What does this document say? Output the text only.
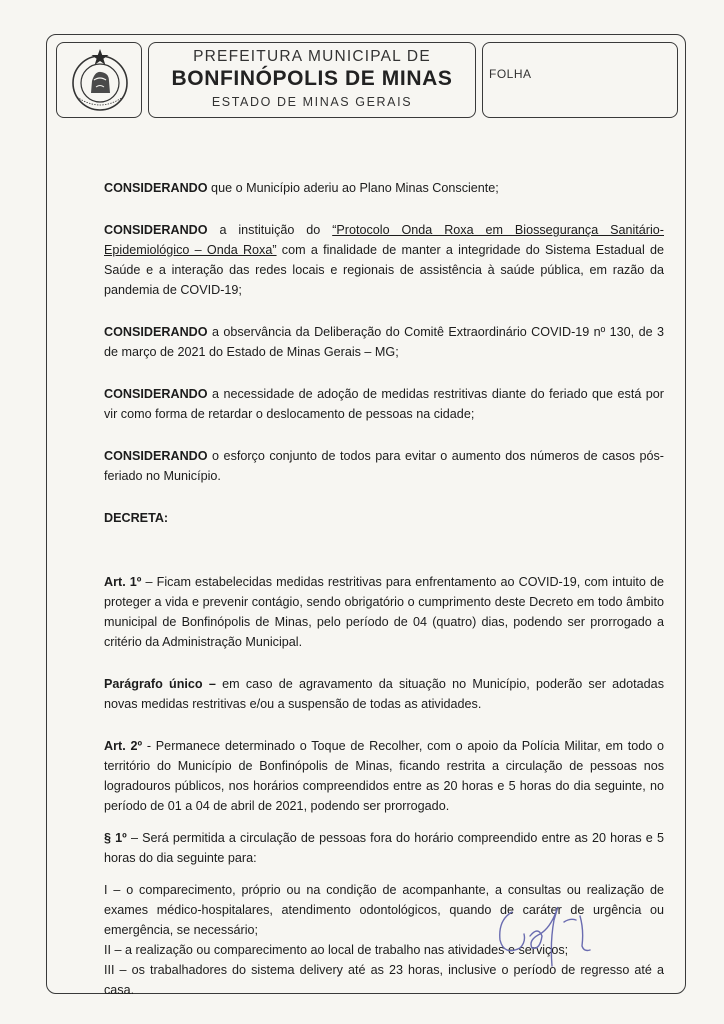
PREFEITURA MUNICIPAL DE
BONFINÓPOLIS DE MINAS
ESTADO DE MINAS GERAIS
FOLHA

CONSIDERANDO que o Município aderiu ao Plano Minas Consciente;

CONSIDERANDO a instituição do “Protocolo Onda Roxa em Biossegurança Sanitário-Epidemiológico – Onda Roxa” com a finalidade de manter a integridade do Sistema Estadual de Saúde e a interação das redes locais e regionais de assistência à saúde pública, em razão da pandemia de COVID-19;

CONSIDERANDO a observância da Deliberação do Comitê Extraordinário COVID-19 nº 130, de 3 de março de 2021 do Estado de Minas Gerais – MG;

CONSIDERANDO a necessidade de adoção de medidas restritivas diante do feriado que está por vir como forma de retardar o deslocamento de pessoas na cidade;

CONSIDERANDO o esforço conjunto de todos para evitar o aumento dos números de casos pós-feriado no Município.

DECRETA:

Art. 1º – Ficam estabelecidas medidas restritivas para enfrentamento ao COVID-19, com intuito de proteger a vida e prevenir contágio, sendo obrigatório o cumprimento deste Decreto em todo âmbito municipal de Bonfinópolis de Minas, pelo período de 04 (quatro) dias, podendo ser prorrogado a critério da Administração Municipal.

Parágrafo único – em caso de agravamento da situação no Município, poderão ser adotadas novas medidas restritivas e/ou a suspensão de todas as atividades.

Art. 2º - Permanece determinado o Toque de Recolher, com o apoio da Polícia Militar, em todo o território do Município de Bonfinópolis de Minas, ficando restrita a circulação de pessoas nos logradouros públicos, nos horários compreendidos entre as 20 horas e 5 horas do dia seguinte, no período de 01 a 04 de abril de 2021, podendo ser prorrogado.

§ 1º – Será permitida a circulação de pessoas fora do horário compreendido entre as 20 horas e 5 horas do dia seguinte para:

I – o comparecimento, próprio ou na condição de acompanhante, a consultas ou realização de exames médico-hospitalares, atendimento odontológicos, quando de caráter de urgência ou emergência, se necessário;

II – a realização ou comparecimento ao local de trabalho nas atividades e serviços;

III – os trabalhadores do sistema delivery até as 23 horas, inclusive o período de regresso até a casa.
